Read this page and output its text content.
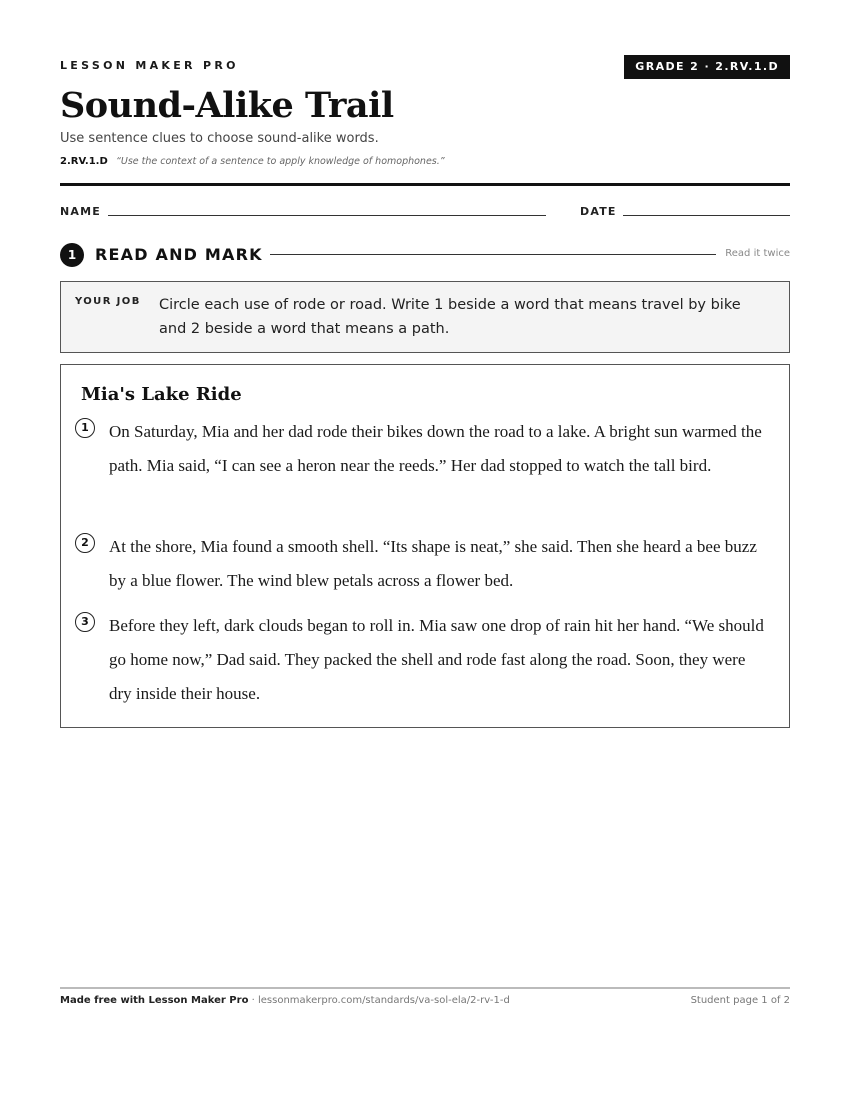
LESSON MAKER PRO	GRADE 2 · 2.RV.1.D
Sound-Alike Trail
Use sentence clues to choose sound-alike words.
2.RV.1.D “Use the context of a sentence to apply knowledge of homophones.”
NAME	DATE
1	READ AND MARK	Read it twice
YOUR JOB Circle each use of rode or road. Write 1 beside a word that means travel by bike and 2 beside a word that means a path.
Mia's Lake Ride
1	On Saturday, Mia and her dad rode their bikes down the road to a lake. A bright sun warmed the path. Mia said, “I can see a heron near the reeds.” Her dad stopped to watch the tall bird.
2	At the shore, Mia found a smooth shell. “Its shape is neat,” she said. Then she heard a bee buzz by a blue flower. The wind blew petals across a flower bed.
3	Before they left, dark clouds began to roll in. Mia saw one drop of rain hit her hand. “We should go home now,” Dad said. They packed the shell and rode fast along the road. Soon, they were dry inside their house.
Made free with Lesson Maker Pro · lessonmakerpro.com/standards/va-sol-ela/2-rv-1-d	Student page 1 of 2
